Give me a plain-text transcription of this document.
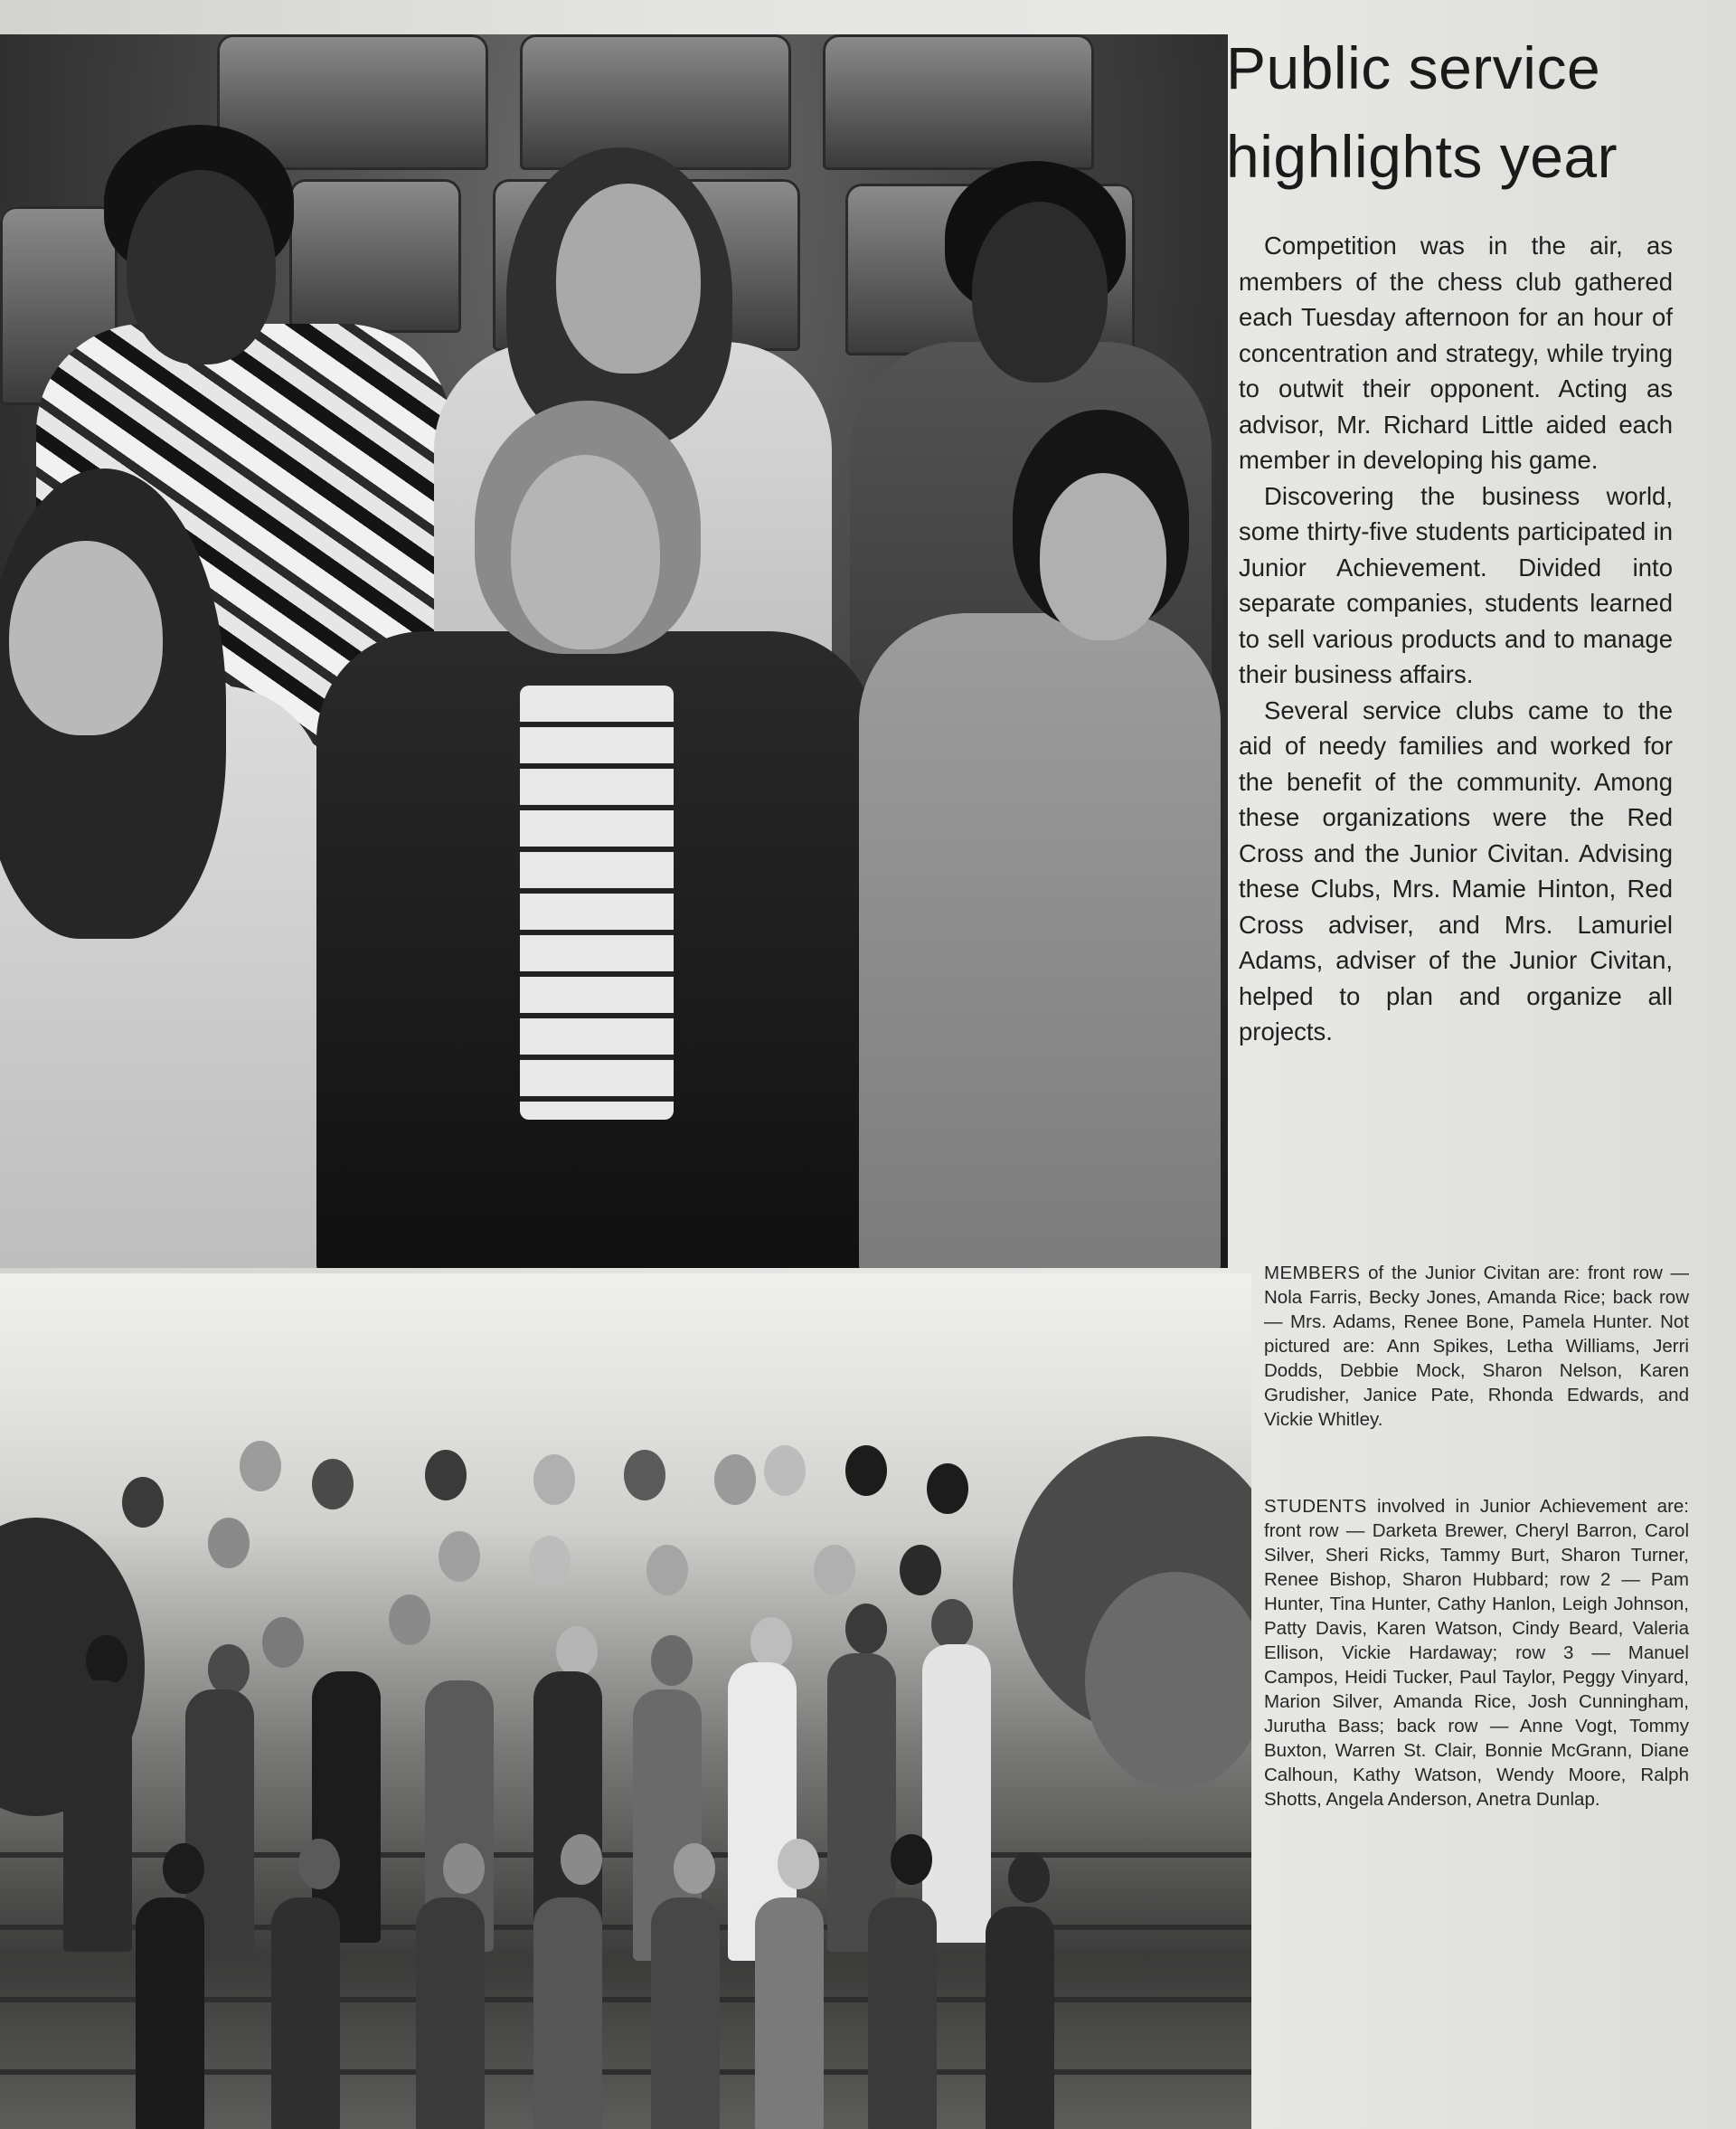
Public service highlights year

Competition was in the air, as members of the chess club gathered each Tuesday afternoon for an hour of concentration and strategy, while trying to outwit their opponent. Acting as advisor, Mr. Richard Little aided each member in developing his game.

Discovering the business world, some thirty-five students participated in Junior Achievement. Divided into separate companies, students learned to sell various products and to manage their business affairs.

Several service clubs came to the aid of needy families and worked for the benefit of the community. Among these organizations were the Red Cross and the Junior Civitan. Advising these Clubs, Mrs. Mamie Hinton, Red Cross adviser, and Mrs. Lamuriel Adams, adviser of the Junior Civitan, helped to plan and organize all projects.

MEMBERS of the Junior Civitan are: front row — Nola Farris, Becky Jones, Amanda Rice; back row — Mrs. Adams, Renee Bone, Pamela Hunter. Not pictured are: Ann Spikes, Letha Williams, Jerri Dodds, Debbie Mock, Sharon Nelson, Karen Grudisher, Janice Pate, Rhonda Edwards, and Vickie Whitley.

STUDENTS involved in Junior Achievement are: front row — Darketa Brewer, Cheryl Barron, Carol Silver, Sheri Ricks, Tammy Burt, Sharon Turner, Renee Bishop, Sharon Hubbard; row 2 — Pam Hunter, Tina Hunter, Cathy Hanlon, Leigh Johnson, Patty Davis, Karen Watson, Cindy Beard, Valeria Ellison, Vickie Hardaway; row 3 — Manuel Campos, Heidi Tucker, Paul Taylor, Peggy Vinyard, Marion Silver, Amanda Rice, Josh Cunningham, Jurutha Bass; back row — Anne Vogt, Tommy Buxton, Warren St. Clair, Bonnie McGrann, Diane Calhoun, Kathy Watson, Wendy Moore, Ralph Shotts, Angela Anderson, Anetra Dunlap.
